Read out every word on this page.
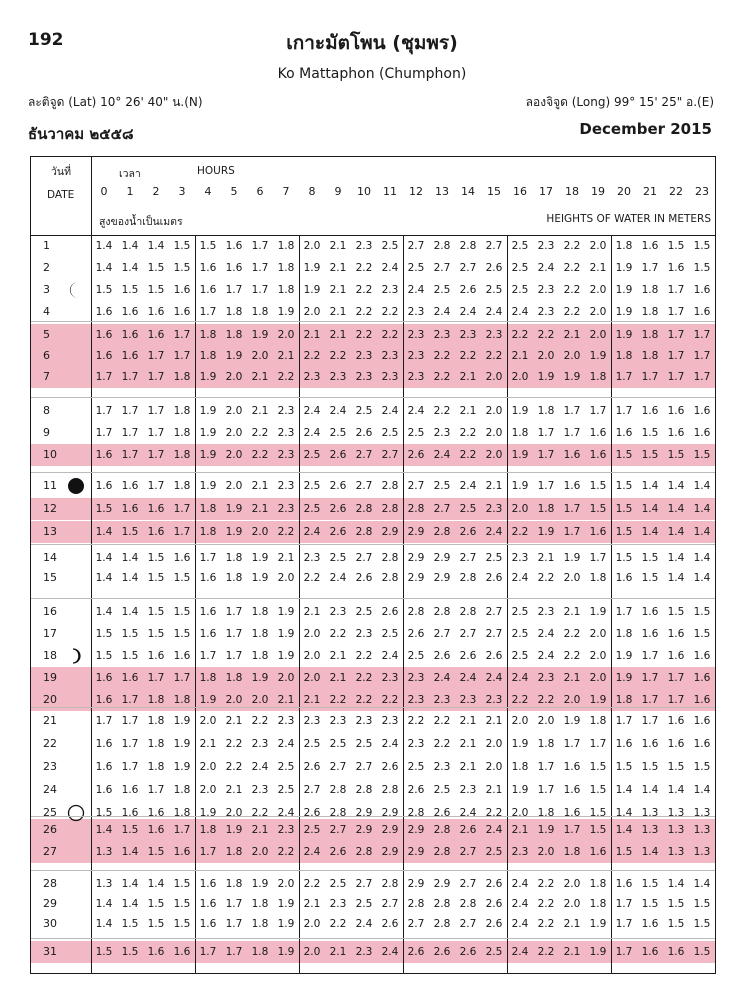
192	เกาะมัตโพน (ชุมพร)
Ko Mattaphon (Chumphon)
ละติจูด (Lat) 10° 26' 40" น.(N)	ลองจิจูด (Long) 99° 15' 25" อ.(E)
ธันวาคม ๒๕๕๘	December 2015
วันที่
DATE
เวลา	HOURS
สูงของน้ำเป็นเมตร	HEIGHTS OF WATER IN METERS
0	1	2	3	4	5	6	7	8	9	10	11	12	13	14	15	16	17	18	19	20	21	22	23
1	1.4 1.4 1.4 1.5 1.5 1.6 1.7 1.8 2.0 2.1 2.3 2.5 2.7 2.8 2.8 2.7 2.5 2.3 2.2 2.0 1.8 1.6 1.5 1.5
2	1.4 1.4 1.5 1.5 1.6 1.6 1.7 1.8 1.9 2.1 2.2 2.4 2.5 2.7 2.7 2.6 2.5 2.4 2.2 2.1 1.9 1.7 1.6 1.5
3	1.5 1.5 1.5 1.6 1.6 1.7 1.7 1.8 1.9 2.1 2.2 2.3 2.4 2.5 2.6 2.5 2.5 2.3 2.2 2.0 1.9 1.8 1.7 1.6
4	1.6 1.6 1.6 1.6 1.7 1.8 1.8 1.9 2.0 2.1 2.2 2.2 2.3 2.4 2.4 2.4 2.4 2.3 2.2 2.0 1.9 1.8 1.7 1.6
5	1.6 1.6 1.6 1.7 1.8 1.8 1.9 2.0 2.1 2.1 2.2 2.2 2.3 2.3 2.3 2.3 2.2 2.2 2.1 2.0 1.9 1.8 1.7 1.7
6	1.6 1.6 1.7 1.7 1.8 1.9 2.0 2.1 2.2 2.2 2.3 2.3 2.3 2.2 2.2 2.2 2.1 2.0 2.0 1.9 1.8 1.8 1.7 1.7
7	1.7 1.7 1.7 1.8 1.9 2.0 2.1 2.2 2.3 2.3 2.3 2.3 2.3 2.2 2.1 2.0 2.0 1.9 1.9 1.8 1.7 1.7 1.7 1.7
8	1.7 1.7 1.7 1.8 1.9 2.0 2.1 2.3 2.4 2.4 2.5 2.4 2.4 2.2 2.1 2.0 1.9 1.8 1.7 1.7 1.7 1.6 1.6 1.6
9	1.7 1.7 1.7 1.8 1.9 2.0 2.2 2.3 2.4 2.5 2.6 2.5 2.5 2.3 2.2 2.0 1.8 1.7 1.7 1.6 1.6 1.5 1.6 1.6
10	1.6 1.7 1.7 1.8 1.9 2.0 2.2 2.3 2.5 2.6 2.7 2.7 2.6 2.4 2.2 2.0 1.9 1.7 1.6 1.6 1.5 1.5 1.5 1.5
11	1.6 1.6 1.7 1.8 1.9 2.0 2.1 2.3 2.5 2.6 2.7 2.8 2.7 2.5 2.4 2.1 1.9 1.7 1.6 1.5 1.5 1.4 1.4 1.4
12	1.5 1.6 1.6 1.7 1.8 1.9 2.1 2.3 2.5 2.6 2.8 2.8 2.8 2.7 2.5 2.3 2.0 1.8 1.7 1.5 1.5 1.4 1.4 1.4
13	1.4 1.5 1.6 1.7 1.8 1.9 2.0 2.2 2.4 2.6 2.8 2.9 2.9 2.8 2.6 2.4 2.2 1.9 1.7 1.6 1.5 1.4 1.4 1.4
14	1.4 1.4 1.5 1.6 1.7 1.8 1.9 2.1 2.3 2.5 2.7 2.8 2.9 2.9 2.7 2.5 2.3 2.1 1.9 1.7 1.5 1.5 1.4 1.4
15	1.4 1.4 1.5 1.5 1.6 1.8 1.9 2.0 2.2 2.4 2.6 2.8 2.9 2.9 2.8 2.6 2.4 2.2 2.0 1.8 1.6 1.5 1.4 1.4
16	1.4 1.4 1.5 1.5 1.6 1.7 1.8 1.9 2.1 2.3 2.5 2.6 2.8 2.8 2.8 2.7 2.5 2.3 2.1 1.9 1.7 1.6 1.5 1.5
17	1.5 1.5 1.5 1.5 1.6 1.7 1.8 1.9 2.0 2.2 2.3 2.5 2.6 2.7 2.7 2.7 2.5 2.4 2.2 2.0 1.8 1.6 1.6 1.5
18	1.5 1.5 1.6 1.6 1.7 1.7 1.8 1.9 2.0 2.1 2.2 2.4 2.5 2.6 2.6 2.6 2.5 2.4 2.2 2.0 1.9 1.7 1.6 1.6
19	1.6 1.6 1.7 1.7 1.8 1.8 1.9 2.0 2.0 2.1 2.2 2.3 2.3 2.4 2.4 2.4 2.4 2.3 2.1 2.0 1.9 1.7 1.7 1.6
20	1.6 1.7 1.8 1.8 1.9 2.0 2.0 2.1 2.1 2.2 2.2 2.2 2.3 2.3 2.3 2.3 2.2 2.2 2.0 1.9 1.8 1.7 1.7 1.6
21	1.7 1.7 1.8 1.9 2.0 2.1 2.2 2.3 2.3 2.3 2.3 2.3 2.2 2.2 2.1 2.1 2.0 2.0 1.9 1.8 1.7 1.7 1.6 1.6
22	1.6 1.7 1.8 1.9 2.1 2.2 2.3 2.4 2.5 2.5 2.5 2.4 2.3 2.2 2.1 2.0 1.9 1.8 1.7 1.7 1.6 1.6 1.6 1.6
23	1.6 1.7 1.8 1.9 2.0 2.2 2.4 2.5 2.6 2.7 2.7 2.6 2.5 2.3 2.1 2.0 1.8 1.7 1.6 1.5 1.5 1.5 1.5 1.5
24	1.6 1.6 1.7 1.8 2.0 2.1 2.3 2.5 2.7 2.8 2.8 2.8 2.6 2.5 2.3 2.1 1.9 1.7 1.6 1.5 1.4 1.4 1.4 1.4
25	1.5 1.6 1.6 1.8 1.9 2.0 2.2 2.4 2.6 2.8 2.9 2.9 2.8 2.6 2.4 2.2 2.0 1.8 1.6 1.5 1.4 1.3 1.3 1.3
26	1.4 1.5 1.6 1.7 1.8 1.9 2.1 2.3 2.5 2.7 2.9 2.9 2.9 2.8 2.6 2.4 2.1 1.9 1.7 1.5 1.4 1.3 1.3 1.3
27	1.3 1.4 1.5 1.6 1.7 1.8 2.0 2.2 2.4 2.6 2.8 2.9 2.9 2.8 2.7 2.5 2.3 2.0 1.8 1.6 1.5 1.4 1.3 1.3
28	1.3 1.4 1.4 1.5 1.6 1.8 1.9 2.0 2.2 2.5 2.7 2.8 2.9 2.9 2.7 2.6 2.4 2.2 2.0 1.8 1.6 1.5 1.4 1.4
29	1.4 1.4 1.5 1.5 1.6 1.7 1.8 1.9 2.1 2.3 2.5 2.7 2.8 2.8 2.8 2.6 2.4 2.2 2.0 1.8 1.7 1.5 1.5 1.5
30	1.4 1.5 1.5 1.5 1.6 1.7 1.8 1.9 2.0 2.2 2.4 2.6 2.7 2.8 2.7 2.6 2.4 2.2 2.1 1.9 1.7 1.6 1.5 1.5
31	1.5 1.5 1.6 1.6 1.7 1.7 1.8 1.9 2.0 2.1 2.3 2.4 2.6 2.6 2.6 2.5 2.4 2.2 2.1 1.9 1.7 1.6 1.6 1.5
